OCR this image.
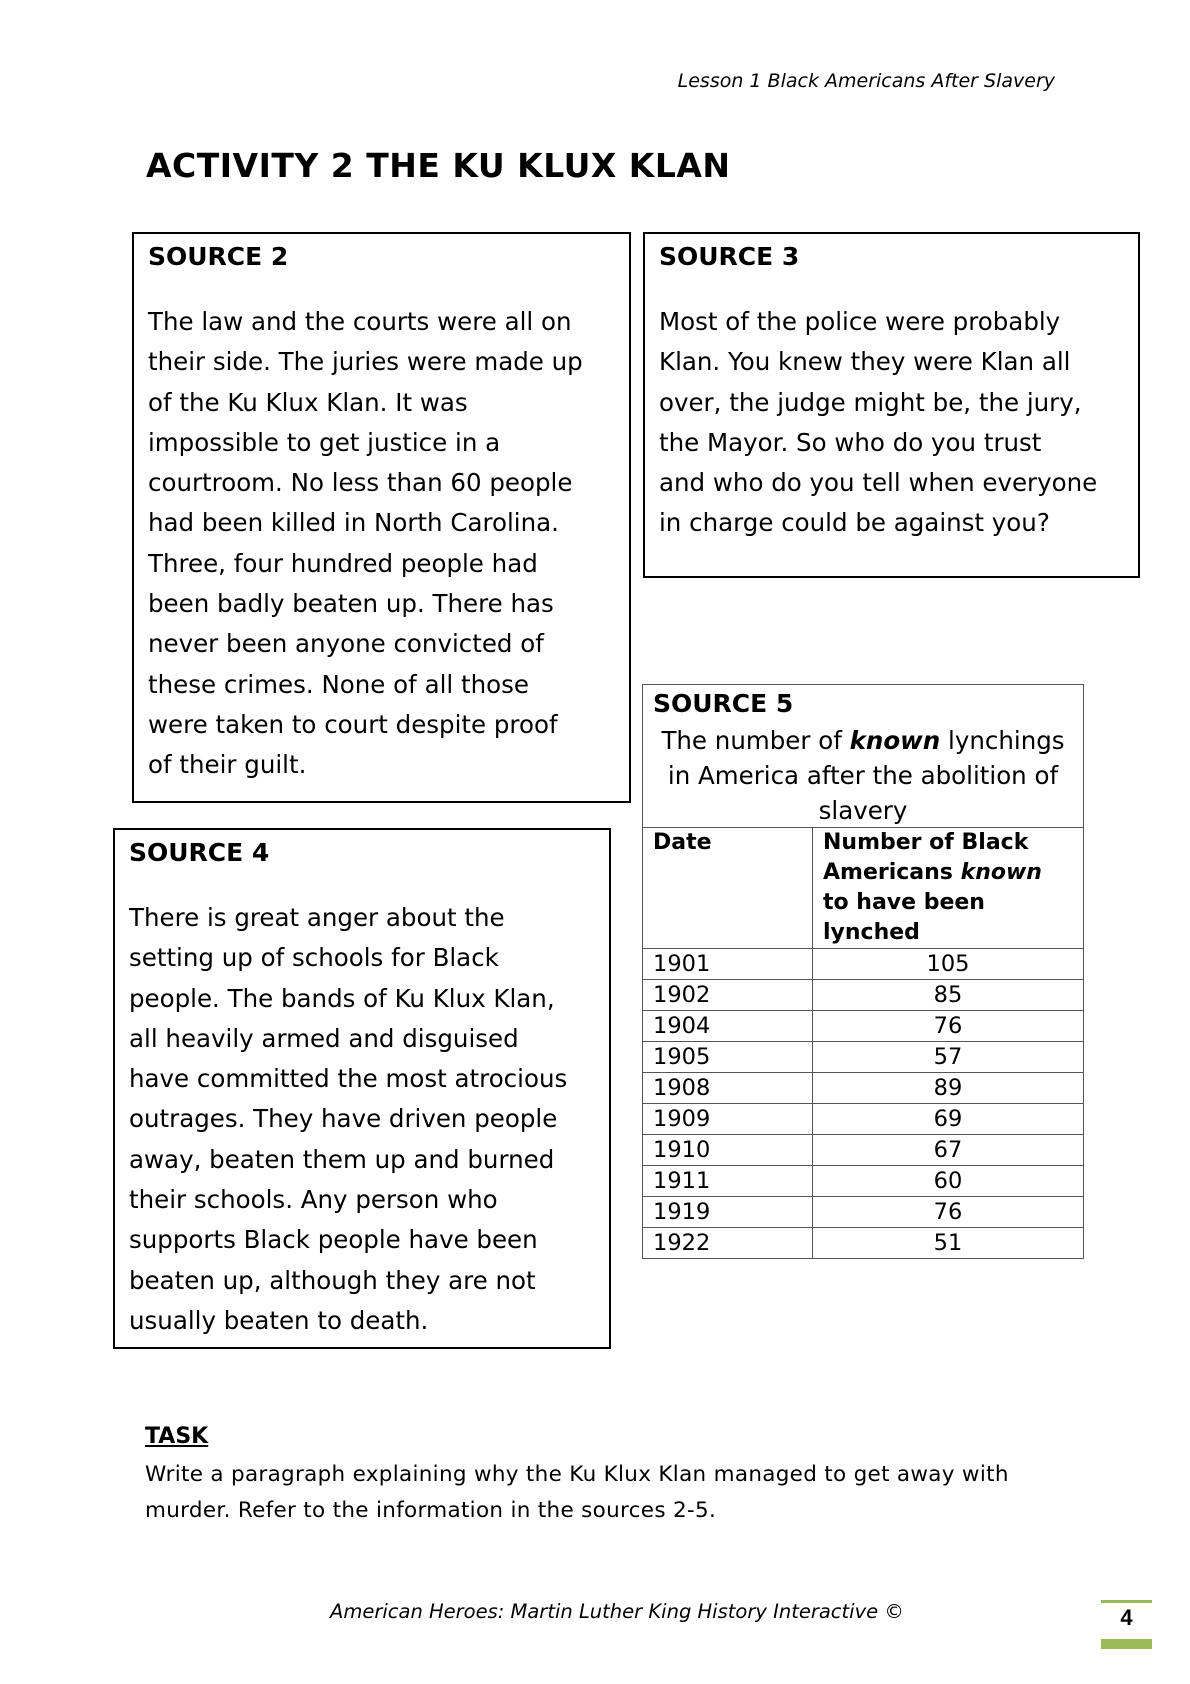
Lesson 1 Black Americans After Slavery
ACTIVITY 2 THE KU KLUX KLAN
SOURCE 2
The law and the courts were all on
their side. The juries were made up
of the Ku Klux Klan. It was
impossible to get justice in a
courtroom. No less than 60 people
had been killed in North Carolina.
Three, four hundred people had
been badly beaten up. There has
never been anyone convicted of
these crimes. None of all those
were taken to court despite proof
of their guilt.
SOURCE 3
Most of the police were probably
Klan. You knew they were Klan all
over, the judge might be, the jury,
the Mayor. So who do you trust
and who do you tell when everyone
in charge could be against you?
SOURCE 4
There is great anger about the
setting up of schools for Black
people. The bands of Ku Klux Klan,
all heavily armed and disguised
have committed the most atrocious
outrages. They have driven people
away, beaten them up and burned
their schools. Any person who
supports Black people have been
beaten up, although they are not
usually beaten to death.
SOURCE 5
The number of known lynchings
in America after the abolition of
slavery
Date	Number of Black Americans known to have been lynched
1901	105
1902	85
1904	76
1905	57
1908	89
1909	69
1910	67
1911	60
1919	76
1922	51
TASK
Write a paragraph explaining why the Ku Klux Klan managed to get away with
murder. Refer to the information in the sources 2-5.
American Heroes: Martin Luther King History Interactive ©	4
